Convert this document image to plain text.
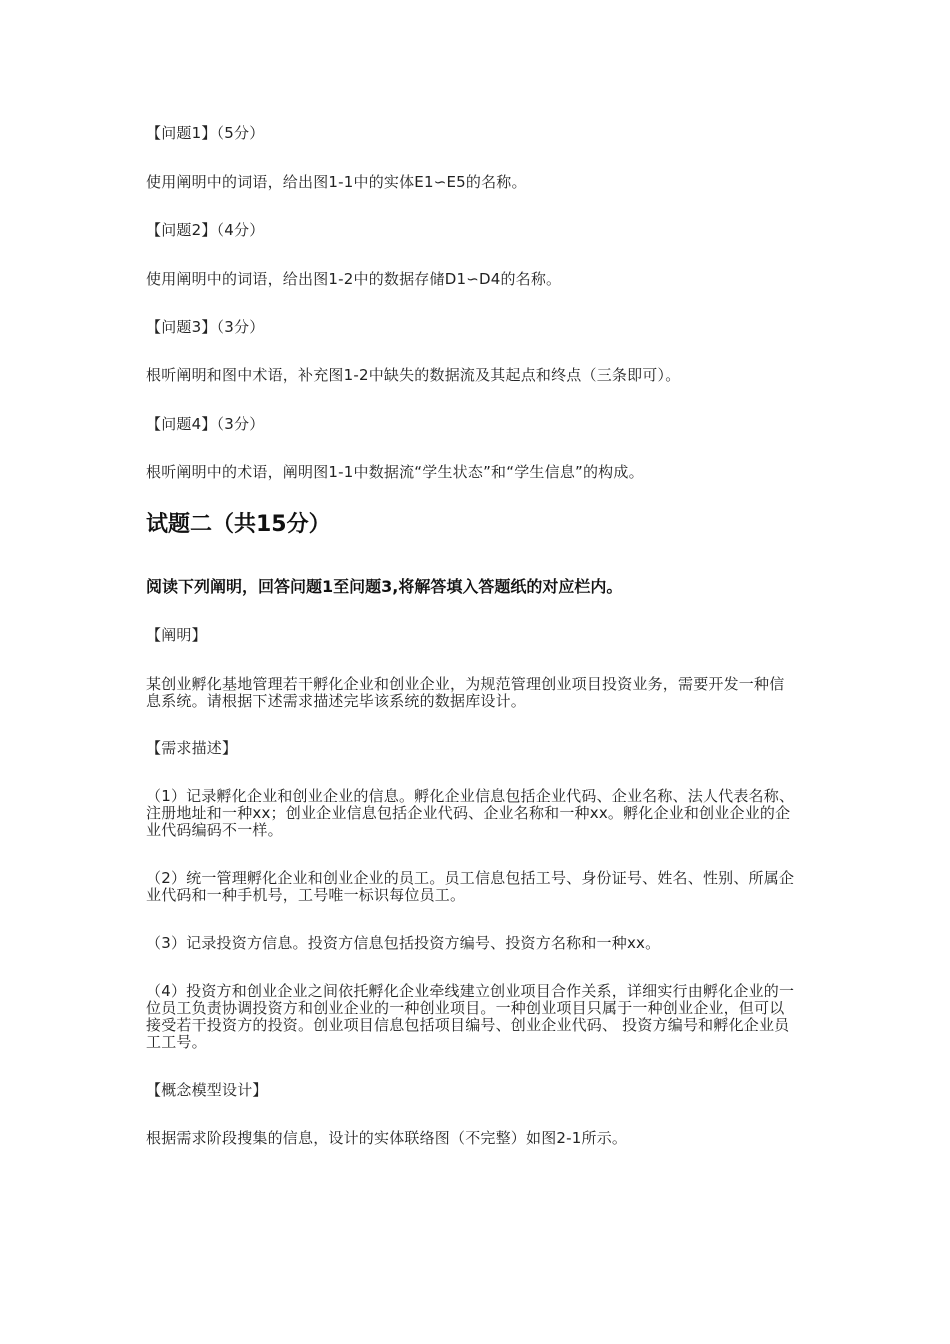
【问题1】（5分）
使用阐明中的词语，给出图1-1中的实体E1∽E5的名称。
【问题2】（4分）
使用阐明中的词语，给出图1-2中的数据存储D1∽D4的名称。
【问题3】（3分）
根听阐明和图中术语，补充图1-2中缺失的数据流及其起点和终点（三条即可）。
【问题4】（3分）
根听阐明中的术语，阐明图1-1中数据流“学生状态”和“学生信息”的构成。
试题二（共15分）
阅读下列阐明，回答问题1至问题3,将解答填入答题纸的对应栏内。
【阐明】
某创业孵化基地管理若干孵化企业和创业企业，为规范管理创业项目投资业务，需要开发一种信息系统。请根据下述需求描述完毕该系统的数据库设计。
【需求描述】
（1）记录孵化企业和创业企业的信息。孵化企业信息包括企业代码、企业名称、法人代表名称、注册地址和一种xx；创业企业信息包括企业代码、企业名称和一种xx。孵化企业和创业企业的企业代码编码不一样。
（2）统一管理孵化企业和创业企业的员工。员工信息包括工号、身份证号、姓名、性别、所属企业代码和一种手机号，工号唯一标识每位员工。
（3）记录投资方信息。投资方信息包括投资方编号、投资方名称和一种xx。
（4）投资方和创业企业之间依托孵化企业牵线建立创业项目合作关系，详细实行由孵化企业的一位员工负责协调投资方和创业企业的一种创业项目。一种创业项目只属于一种创业企业，但可以接受若干投资方的投资。创业项目信息包括项目编号、创业企业代码、 投资方编号和孵化企业员工工号。
【概念模型设计】
根据需求阶段搜集的信息，设计的实体联络图（不完整）如图2-1所示。
